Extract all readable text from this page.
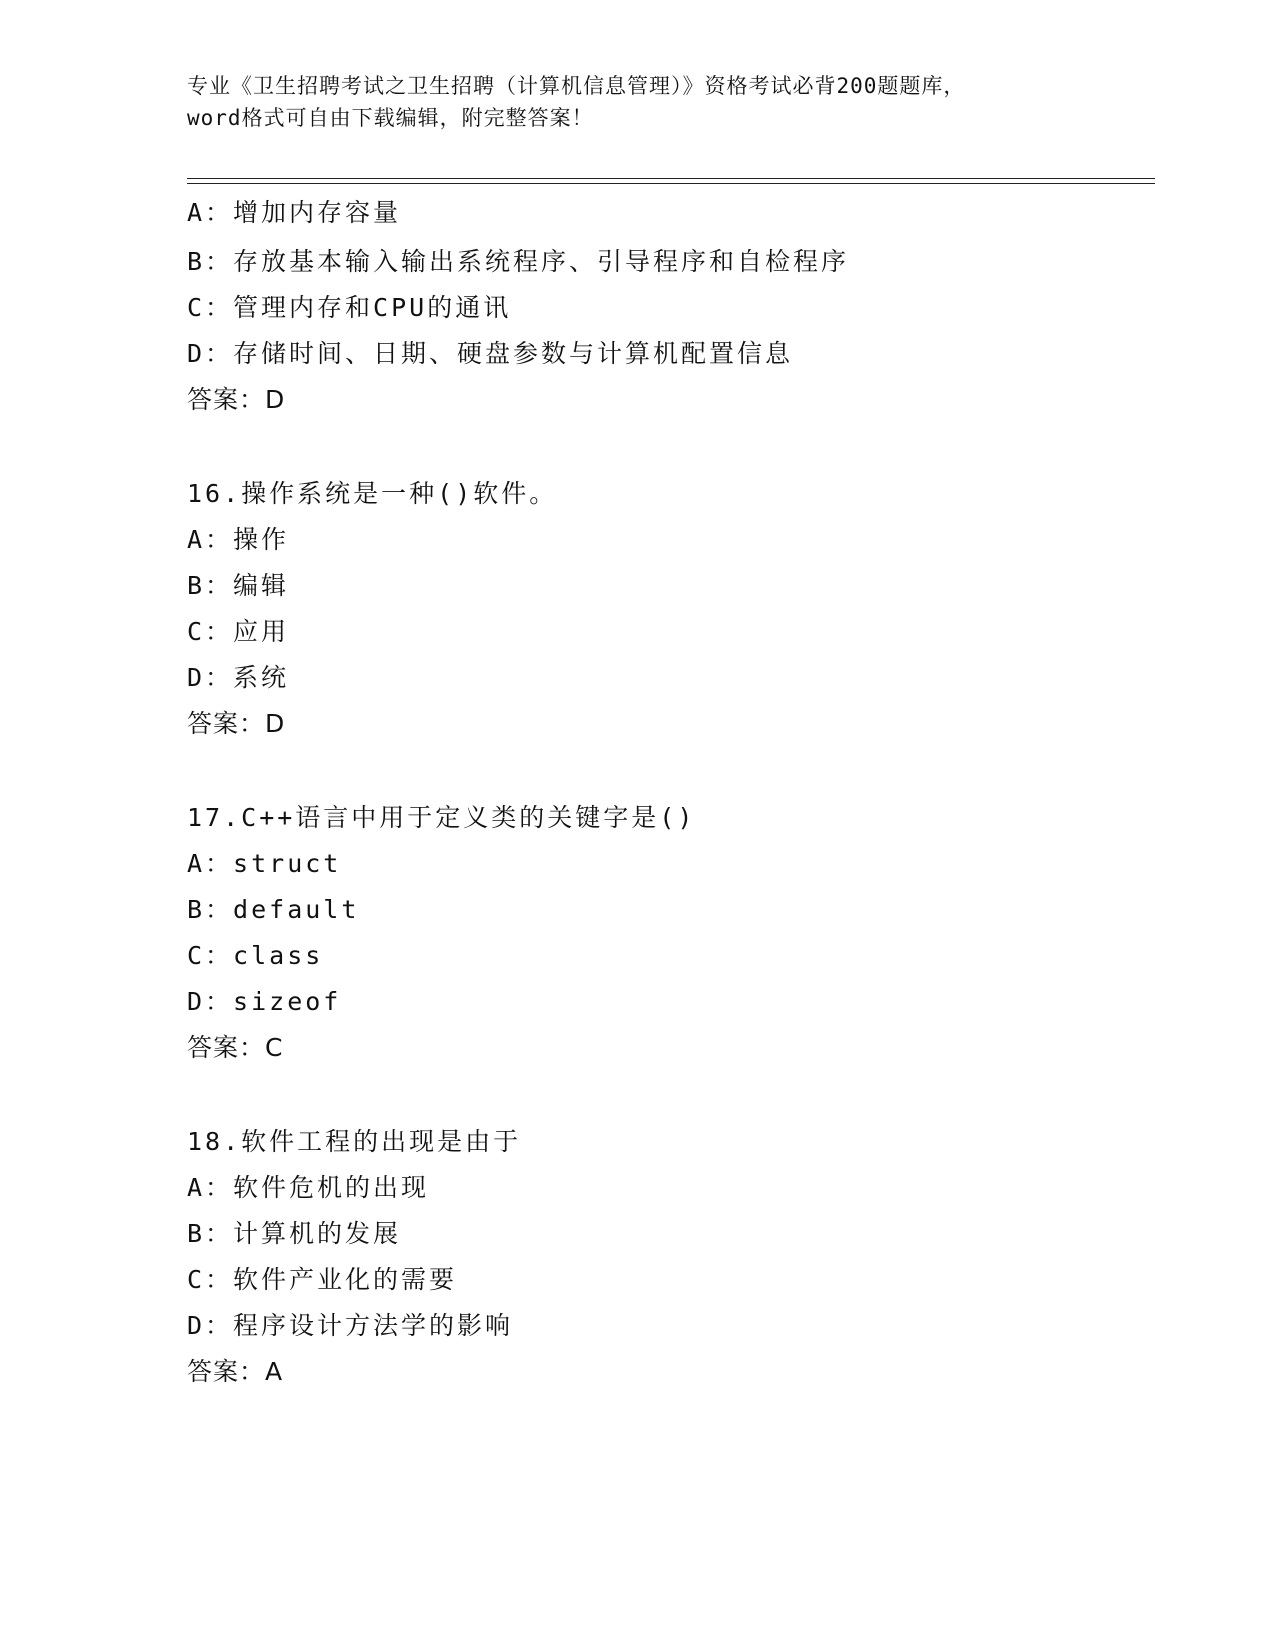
专业《卫生招聘考试之卫生招聘（计算机信息管理）》资格考试必背200题题库，
word格式可自由下载编辑，附完整答案！
A：增加内存容量
B：存放基本输入输出系统程序、引导程序和自检程序
C：管理内存和CPU的通讯
D：存储时间、日期、硬盘参数与计算机配置信息
答案：D
16.操作系统是一种()软件。
A：操作
B：编辑
C：应用
D：系统
答案：D
17.C++语言中用于定义类的关键字是()
A：struct
B：default
C：class
D：sizeof
答案：C
18.软件工程的出现是由于
A：软件危机的出现
B：计算机的发展
C：软件产业化的需要
D：程序设计方法学的影响
答案：A
